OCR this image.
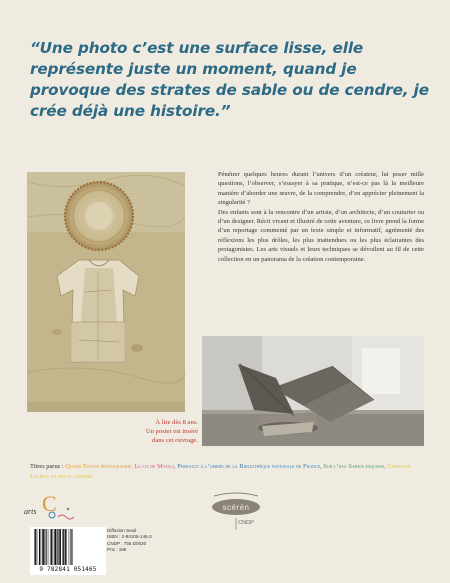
“Une photo c’est une surface lisse, elle représente juste un moment, quand je provoque des strates de sable ou de cendre, je crée déjà une histoire.”
À lire dès 8 ans.
Un poster est inséré
dans cet ouvrage.

Pénétrer quelques heures durant l’univers d’un créateur, lui poser mille questions, l’observer, s’essayer à sa pratique, n’est-ce pas là la meilleure manière d’aborder une œuvre, de la comprendre, d’en apprécier pleinement la singularité ?

Des enfants sont à la rencontre d’un artiste, d’un architecte, d’un couturier ou d’un designer. Récit vivant et illustré de cette aventure, ce livre prend la forme d’un reportage commenté par un texte simple et informatif, agrémenté des réflexions les plus drôles, les plus inattendues ou les plus éclairantes des protagonistes. Les arts visuels et leurs techniques se dévoilent au fil de cette collection en un panorama de la création contemporaine.

Titres parus : Quand Toyani photographie, Le lit de Matali, Perrault à l’ombre de la Bibliothèque nationale de France, Sur l’eau Sarkis esquisse, Christian Lacroix en haute couture
arts C	scérén
CNDP
9 782841 051465
Diffusion Seuil
ISBN : 2-84105-146-3
CNDP : 755 D0020
Prix : 19€
